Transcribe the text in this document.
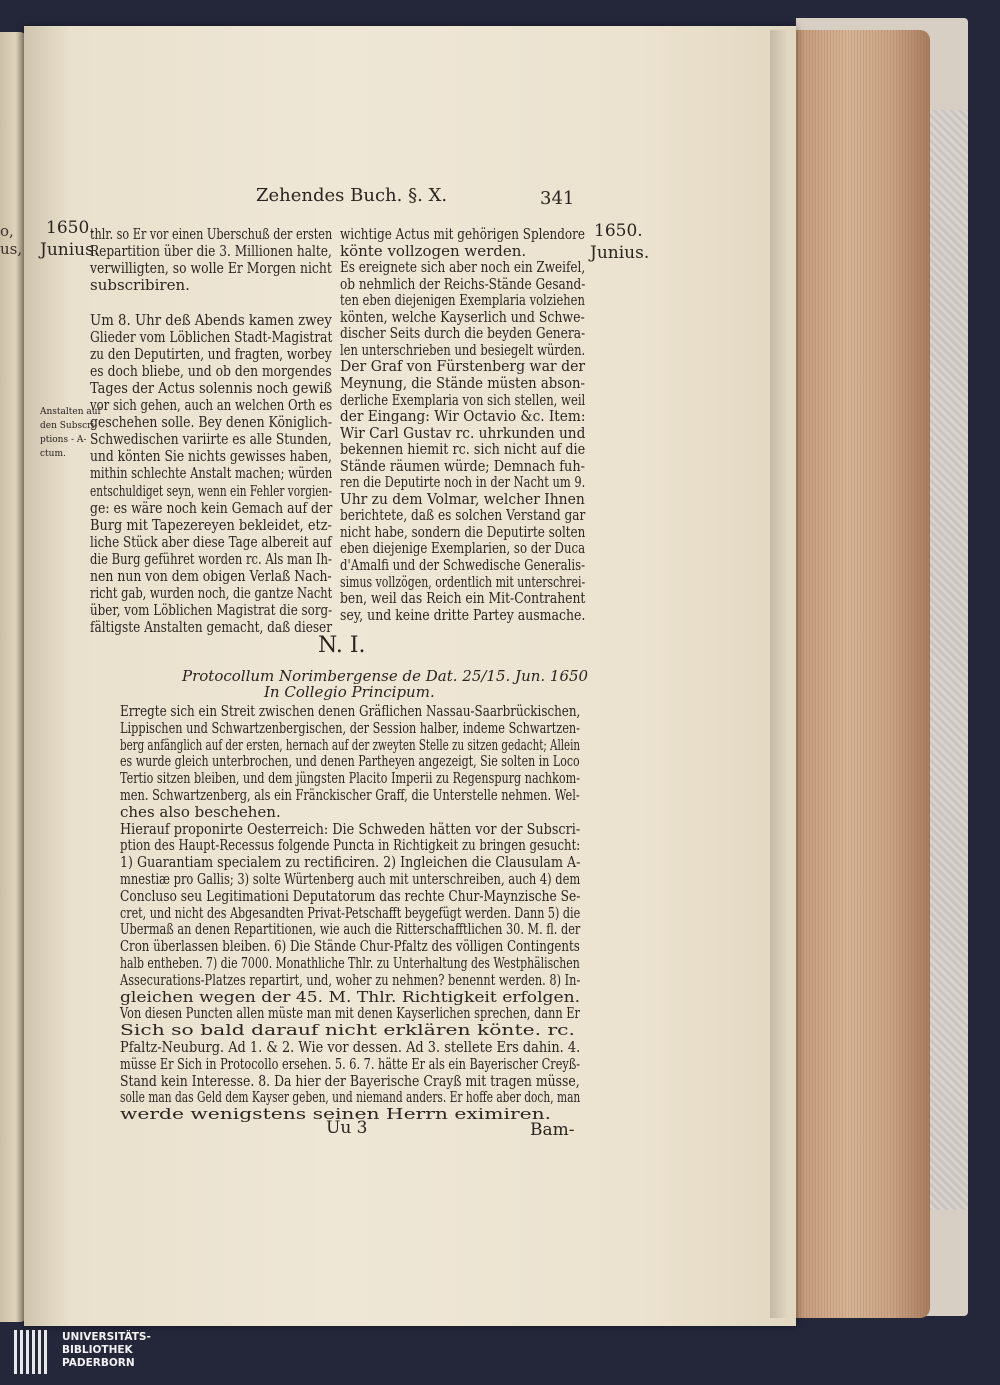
o,
us,
Zehendes Buch. §. X.	341
1650.
Junius.
1650.
Junius.
Anstalten auf
den Subscri-
ptions - A-
ctum.
thlr. so Er vor einen Uberschuß der ersten
Repartition über die 3. Millionen halte,
verwilligten, so wolle Er Morgen nicht
subscribiren.
Um 8. Uhr deß Abends kamen zwey
Glieder vom Löblichen Stadt-Magistrat
zu den Deputirten, und fragten, worbey
es doch bliebe, und ob den morgendes
Tages der Actus solennis noch gewiß
vor sich gehen, auch an welchen Orth es
geschehen solle. Bey denen Königlich-
Schwedischen variirte es alle Stunden,
und könten Sie nichts gewisses haben,
mithin schlechte Anstalt machen; würden
entschuldiget seyn, wenn ein Fehler vorgien-
ge: es wäre noch kein Gemach auf der
Burg mit Tapezereyen bekleidet, etz-
liche Stück aber diese Tage albereit auf
die Burg geführet worden rc. Als man Ih-
nen nun von dem obigen Verlaß Nach-
richt gab, wurden noch, die gantze Nacht
über, vom Löblichen Magistrat die sorg-
fältigste Anstalten gemacht, daß dieser
wichtige Actus mit gehörigen Splendore
könte vollzogen werden.
Es ereignete sich aber noch ein Zweifel,
ob nehmlich der Reichs-Stände Gesand-
ten eben diejenigen Exemplaria volziehen
könten, welche Kayserlich und Schwe-
discher Seits durch die beyden Genera-
len unterschrieben und besiegelt würden.
Der Graf von Fürstenberg war der
Meynung, die Stände müsten abson-
derliche Exemplaria von sich stellen, weil
der Eingang: Wir Octavio &c. Item:
Wir Carl Gustav rc. uhrkunden und
bekennen hiemit rc. sich nicht auf die
Stände räumen würde; Demnach fuh-
ren die Deputirte noch in der Nacht um 9.
Uhr zu dem Volmar, welcher Ihnen
berichtete, daß es solchen Verstand gar
nicht habe, sondern die Deputirte solten
eben diejenige Exemplarien, so der Duca
d'Amalfi und der Schwedische Generalis-
simus vollzögen, ordentlich mit unterschrei-
ben, weil das Reich ein Mit-Contrahent
sey, und keine dritte Partey ausmache.
N. I.
Protocollum Norimbergense de Dat. 25/15. Jun. 1650
In Collegio Principum.
Erregte sich ein Streit zwischen denen Gräflichen Nassau-Saarbrückischen,
Lippischen und Schwartzenbergischen, der Session halber, indeme Schwartzen-
berg anfänglich auf der ersten, hernach auf der zweyten Stelle zu sitzen gedacht; Allein
es wurde gleich unterbrochen, und denen Partheyen angezeigt, Sie solten in Loco
Tertio sitzen bleiben, und dem jüngsten Placito Imperii zu Regenspurg nachkom-
men. Schwartzenberg, als ein Fränckischer Graff, die Unterstelle nehmen. Wel-
ches also beschehen.
Hierauf proponirte Oesterreich: Die Schweden hätten vor der Subscri-
ption des Haupt-Recessus folgende Puncta in Richtigkeit zu bringen gesucht:
1) Guarantiam specialem zu rectificiren. 2) Ingleichen die Clausulam A-
mnestiæ pro Gallis; 3) solte Würtenberg auch mit unterschreiben, auch 4) dem
Concluso seu Legitimationi Deputatorum das rechte Chur-Maynzische Se-
cret, und nicht des Abgesandten Privat-Petschafft beygefügt werden. Dann 5) die
Ubermaß an denen Repartitionen, wie auch die Ritterschafftlichen 30. M. fl. der
Cron überlassen bleiben. 6) Die Stände Chur-Pfaltz des völligen Contingents
halb entheben. 7) die 7000. Monathliche Thlr. zu Unterhaltung des Westphälischen
Assecurations-Platzes repartirt, und, woher zu nehmen? benennt werden. 8) In-
gleichen wegen der 45. M. Thlr. Richtigkeit erfolgen.
Von diesen Puncten allen müste man mit denen Kayserlichen sprechen, dann Er
Sich so bald darauf nicht erklären könte. rc.
Pfaltz-Neuburg. Ad 1. & 2. Wie vor dessen. Ad 3. stellete Ers dahin. 4.
müsse Er Sich in Protocollo ersehen. 5. 6. 7. hätte Er als ein Bayerischer Creyß-
Stand kein Interesse. 8. Da hier der Bayerische Crayß mit tragen müsse,
solle man das Geld dem Kayser geben, und niemand anders. Er hoffe aber doch, man
werde wenigstens seinen Herrn eximiren.
Uu 3	Bam-
UNIVERSITÄTS-
BIBLIOTHEK
PADERBORN
